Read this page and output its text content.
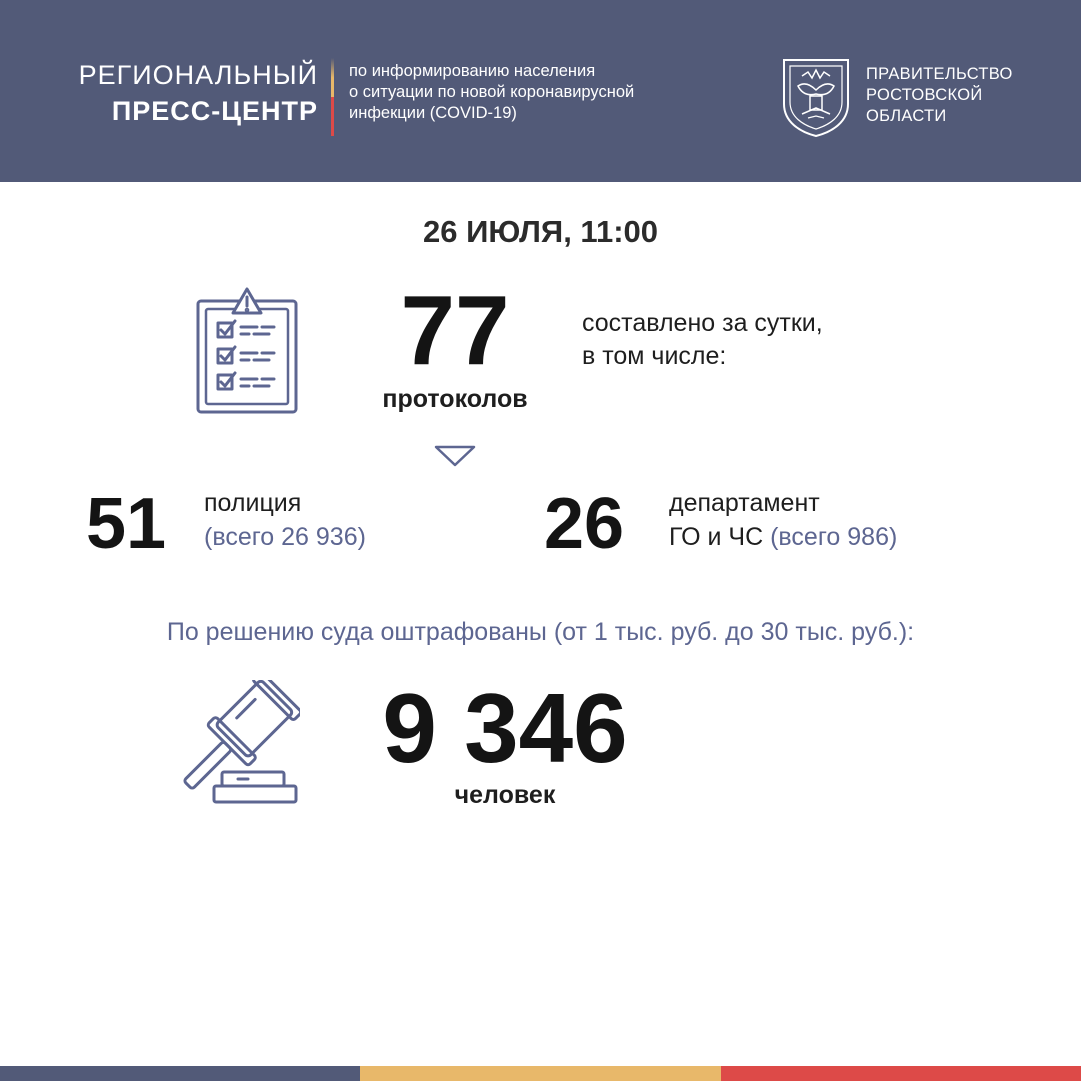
РЕГИОНАЛЬНЫЙ
ПРЕСС-ЦЕНТР
по информированию населения
о ситуации по новой коронавирусной
инфекции (COVID-19)
ПРАВИТЕЛЬСТВО
РОСТОВСКОЙ
ОБЛАСТИ
26 ИЮЛЯ, 11:00
77
протоколов
составлено за сутки,
в том числе:
51 полиция
(всего 26 936) 26 департамент
ГО и ЧС (всего 986)
По решению суда оштрафованы (от 1 тыс. руб. до 30 тыс. руб.):
9 346
человек
